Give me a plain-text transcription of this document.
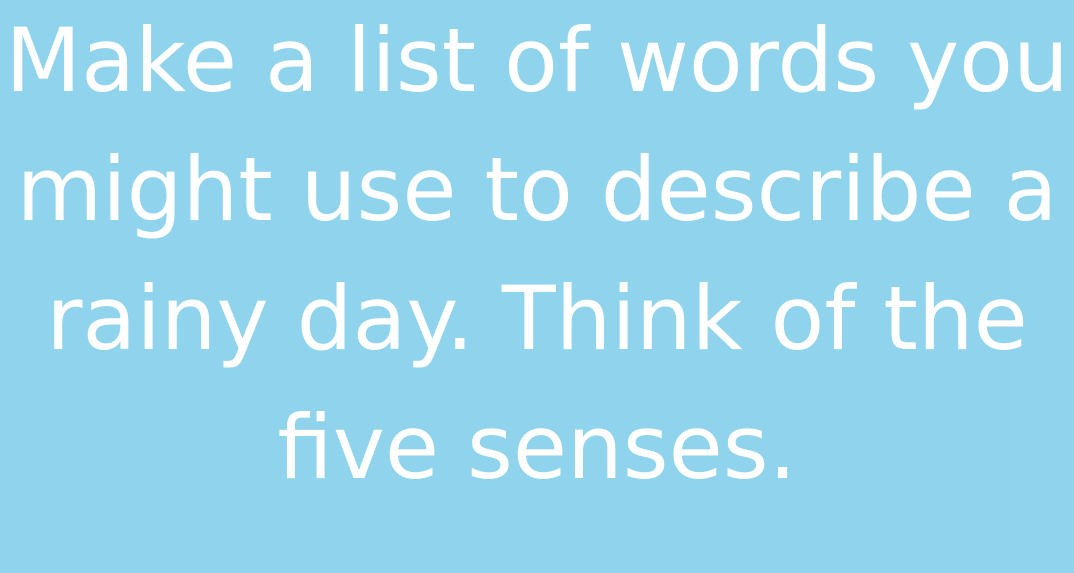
Make a list of words you
might use to describe a
rainy day. Think of the
five senses.
